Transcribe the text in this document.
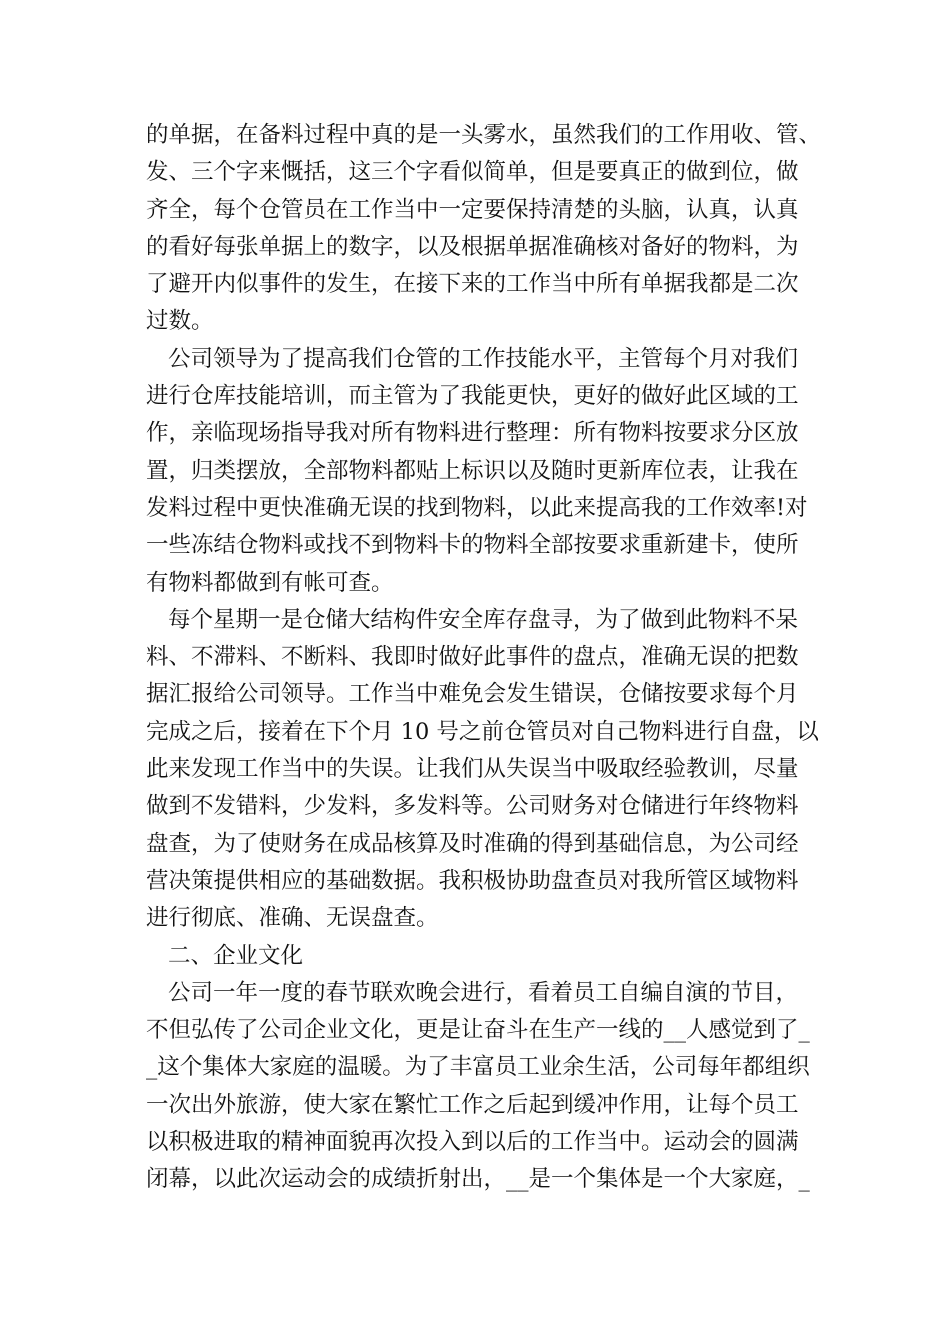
的单据，在备料过程中真的是一头雾水，虽然我们的工作用收、管、
发、三个字来慨括，这三个字看似简单，但是要真正的做到位，做
齐全，每个仓管员在工作当中一定要保持清楚的头脑，认真，认真
的看好每张单据上的数字，以及根据单据准确核对备好的物料，为
了避开内似事件的发生，在接下来的工作当中所有单据我都是二次
过数。

公司领导为了提高我们仓管的工作技能水平，主管每个月对我们
进行仓库技能培训，而主管为了我能更快，更好的做好此区域的工
作，亲临现场指导我对所有物料进行整理：所有物料按要求分区放
置，归类摆放，全部物料都贴上标识以及随时更新库位表，让我在
发料过程中更快准确无误的找到物料，以此来提高我的工作效率!对
一些冻结仓物料或找不到物料卡的物料全部按要求重新建卡，使所
有物料都做到有帐可查。

每个星期一是仓储大结构件安全库存盘寻，为了做到此物料不呆
料、不滞料、不断料、我即时做好此事件的盘点，准确无误的把数
据汇报给公司领导。工作当中难免会发生错误，仓储按要求每个月
完成之后，接着在下个月 10 号之前仓管员对自己物料进行自盘，以
此来发现工作当中的失误。让我们从失误当中吸取经验教训，尽量
做到不发错料，少发料，多发料等。公司财务对仓储进行年终物料
盘查，为了使财务在成品核算及时准确的得到基础信息，为公司经
营决策提供相应的基础数据。我积极协助盘查员对我所管区域物料
进行彻底、准确、无误盘查。

二、企业文化

公司一年一度的春节联欢晚会进行，看着员工自编自演的节目，
不但弘传了公司企业文化，更是让奋斗在生产一线的__人感觉到了_
_这个集体大家庭的温暖。为了丰富员工业余生活，公司每年都组织
一次出外旅游，使大家在繁忙工作之后起到缓冲作用，让每个员工
以积极进取的精神面貌再次投入到以后的工作当中。运动会的圆满
闭幕，以此次运动会的成绩折射出，__是一个集体是一个大家庭，_
